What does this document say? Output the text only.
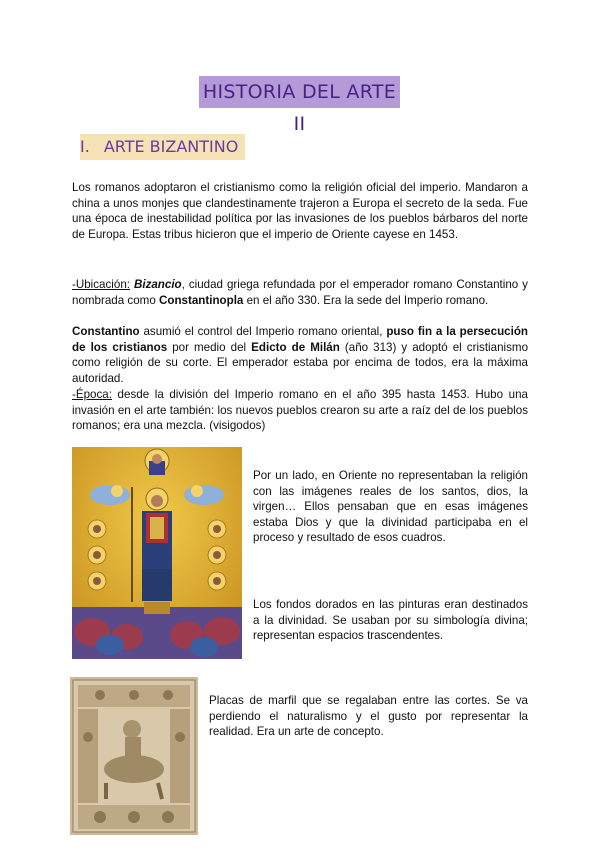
HISTORIA DEL ARTE II
I. ARTE BIZANTINO

Los romanos adoptaron el cristianismo como la religión oficial del imperio. Mandaron a china a unos monjes que clandestinamente trajeron a Europa el secreto de la seda. Fue una época de inestabilidad política por las invasiones de los pueblos bárbaros del norte de Europa. Estas tribus hicieron que el imperio de Oriente cayese en 1453.

-Ubicación: Bizancio, ciudad griega refundada por el emperador romano Constantino y nombrada como Constantinopla en el año 330. Era la sede del Imperio romano.

Constantino asumió el control del Imperio romano oriental, puso fin a la persecución de los cristianos por medio del Edicto de Milán (año 313) y adoptó el cristianismo como religión de su corte. El emperador estaba por encima de todos, era la máxima autoridad.

-Época: desde la división del Imperio romano en el año 395 hasta 1453. Hubo una invasión en el arte también: los nuevos pueblos crearon su arte a raíz del de los pueblos romanos; era una mezcla. (visigodos)

Por un lado, en Oriente no representaban la religión con las imágenes reales de los santos, dios, la virgen… Ellos pensaban que en esas imágenes estaba Dios y que la divinidad participaba en el proceso y resultado de esos cuadros.

Los fondos dorados en las pinturas eran destinados a la divinidad. Se usaban por su simbología divina; representan espacios trascendentes.

Placas de marfil que se regalaban entre las cortes. Se va perdiendo el naturalismo y el gusto por representar la realidad. Era un arte de concepto.
